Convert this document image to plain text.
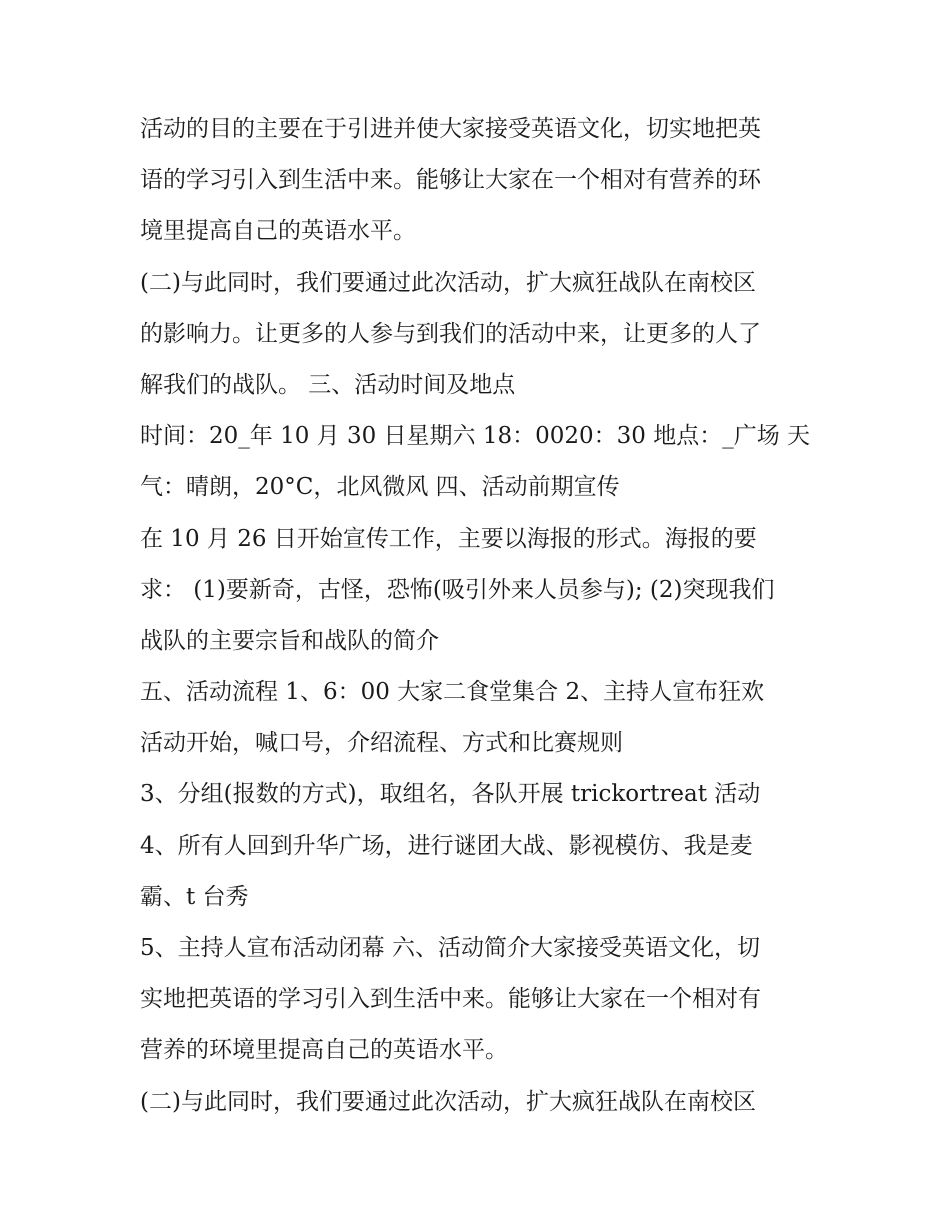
活动的目的主要在于引进并使大家接受英语文化，切实地把英
语的学习引入到生活中来。能够让大家在一个相对有营养的环
境里提高自己的英语水平。
(二)与此同时，我们要通过此次活动，扩大疯狂战队在南校区
的影响力。让更多的人参与到我们的活动中来，让更多的人了
解我们的战队。 三、活动时间及地点
时间：20_年 10 月 30 日星期六 18：0020：30 地点：_广场 天
气：晴朗，20°C，北风微风 四、活动前期宣传
在 10 月 26 日开始宣传工作，主要以海报的形式。海报的要
求： (1)要新奇，古怪，恐怖(吸引外来人员参与); (2)突现我们
战队的主要宗旨和战队的简介
五、活动流程 1、6：00 大家二食堂集合 2、主持人宣布狂欢
活动开始，喊口号，介绍流程、方式和比赛规则
3、分组(报数的方式)，取组名，各队开展 trickortreat 活动
4、所有人回到升华广场，进行谜团大战、影视模仿、我是麦
霸、t 台秀
5、主持人宣布活动闭幕 六、活动简介大家接受英语文化，切
实地把英语的学习引入到生活中来。能够让大家在一个相对有
营养的环境里提高自己的英语水平。
(二)与此同时，我们要通过此次活动，扩大疯狂战队在南校区
